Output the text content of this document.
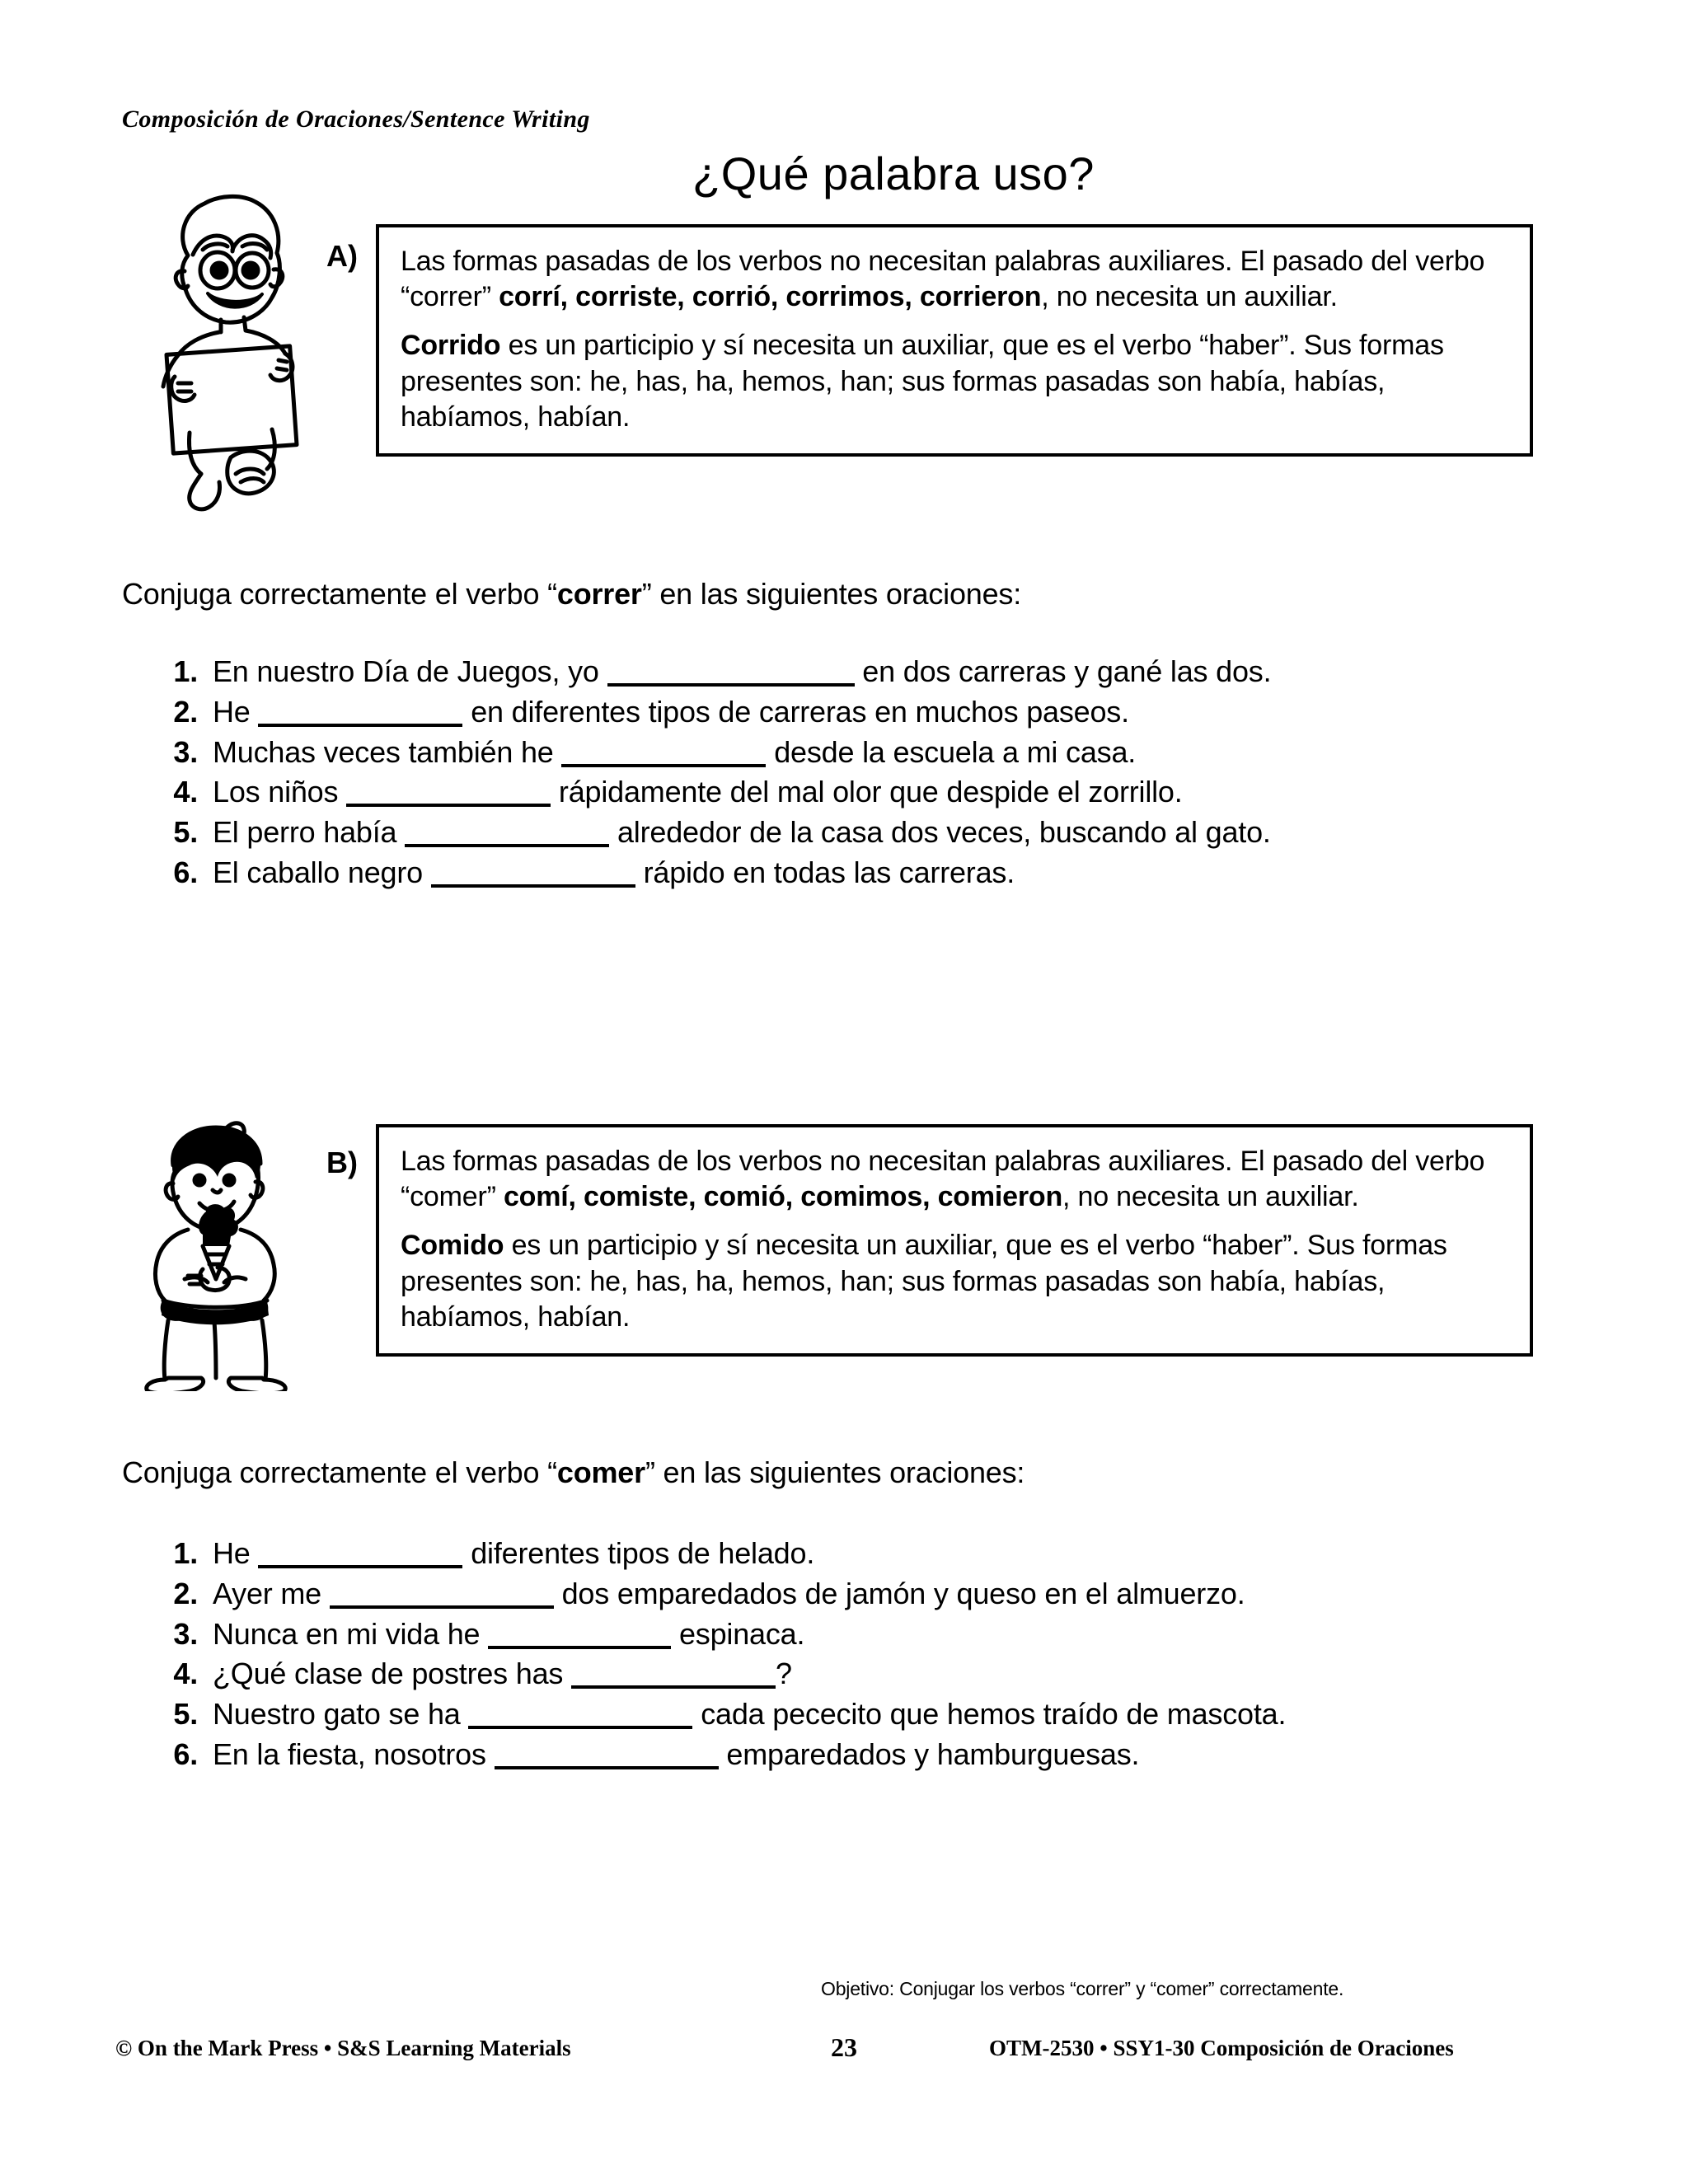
Composición de Oraciones/Sentence Writing
¿Qué palabra uso?
A) Las formas pasadas de los verbos no necesitan palabras auxiliares. El pasado del verbo “correr” corrí, corriste, corrió, corrimos, corrieron, no necesita un auxiliar.

Corrido es un participio y sí necesita un auxiliar, que es el verbo “haber”. Sus formas presentes son: he, has, ha, hemos, han; sus formas pasadas son había, habías, habíamos, habían.

Conjuga correctamente el verbo “correr” en las siguientes oraciones:
1. En nuestro Día de Juegos, yo	en dos carreras y gané las dos.
2. He	en diferentes tipos de carreras en muchos paseos.
3. Muchas veces también he	desde la escuela a mi casa.
4. Los niños	rápidamente del mal olor que despide el zorrillo.
5. El perro había	alrededor de la casa dos veces, buscando al gato.
6. El caballo negro	rápido en todas las carreras.
B) Las formas pasadas de los verbos no necesitan palabras auxiliares. El pasado del verbo “comer” comí, comiste, comió, comimos, comieron, no necesita un auxiliar.

Comido es un participio y sí necesita un auxiliar, que es el verbo “haber”. Sus formas presentes son: he, has, ha, hemos, han; sus formas pasadas son había, habías, habíamos, habían.

Conjuga correctamente el verbo “comer” en las siguientes oraciones:
1. He	diferentes tipos de helado.
2. Ayer me	dos emparedados de jamón y queso en el almuerzo.
3. Nunca en mi vida he	espinaca.
4. ¿Qué clase de postres has	?
5. Nuestro gato se ha	cada pececito que hemos traído de mascota.
6. En la fiesta, nosotros	emparedados y hamburguesas.
Objetivo: Conjugar los verbos “correr” y “comer” correctamente.
© On the Mark Press • S&S Learning Materials	23	OTM-2530 • SSY1-30 Composición de Oraciones
